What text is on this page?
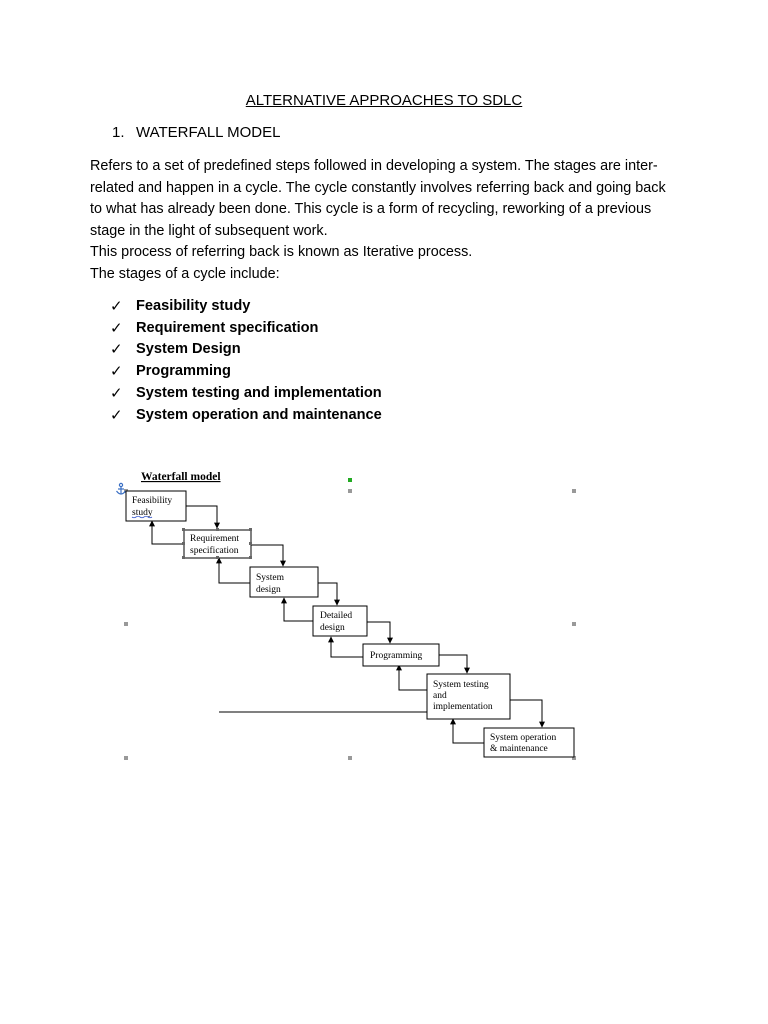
ALTERNATIVE APPROACHES TO SDLC
1. WATERFALL MODEL

Refers to a set of predefined steps followed in developing a system. The stages are inter-related and happen in a cycle. The cycle constantly involves referring back and going back to what has already been done. This cycle is a form of recycling, reworking of a previous stage in the light of subsequent work.

This process of referring back is known as Iterative process.

The stages of a cycle include:

✓ Feasibility study
✓ Requirement specification
✓ System Design
✓ Programming
✓ System testing and implementation
✓ System operation and maintenance
Waterfall model
Feasibility
study
Requirement
specification
System
design
Detailed
design
Programming
System testing
and
implementation
System operation
& maintenance
